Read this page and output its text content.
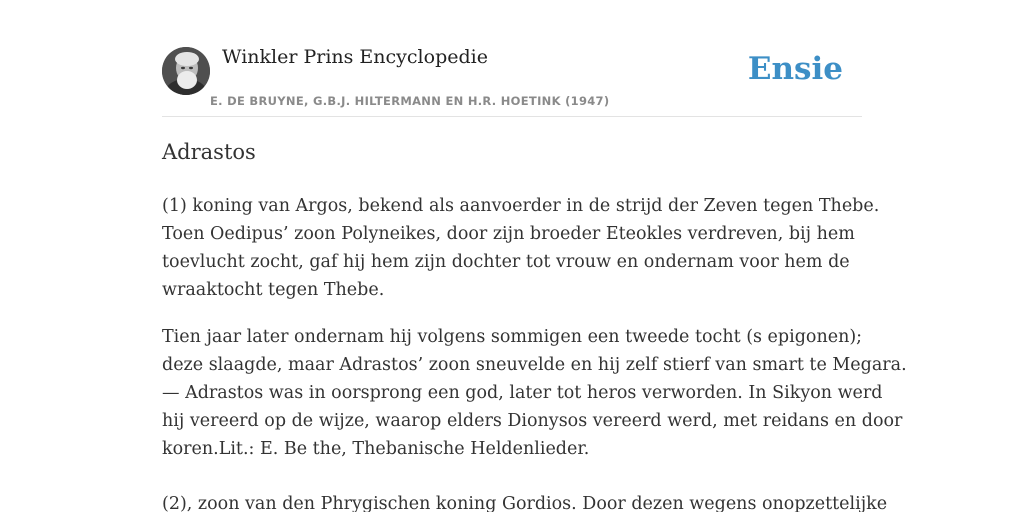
Winkler Prins Encyclopedie
E. DE BRUYNE, G.B.J. HILTERMANN EN H.R. HOETINK (1947)
Ensie
Adrastos

(1) koning van Argos, bekend als aanvoerder in de strijd der Zeven tegen Thebe.
Toen Oedipus’ zoon Polyneikes, door zijn broeder Eteokles verdreven, bij hem
toevlucht zocht, gaf hij hem zijn dochter tot vrouw en ondernam voor hem de
wraaktocht tegen Thebe.

Tien jaar later ondernam hij volgens sommigen een tweede tocht (s epigonen);
deze slaagde, maar Adrastos’ zoon sneuvelde en hij zelf stierf van smart te Megara.
— Adrastos was in oorsprong een god, later tot heros verworden. In Sikyon werd
hij vereerd op de wijze, waarop elders Dionysos vereerd werd, met reidans en door
koren.Lit.: E. Be the, Thebanische Heldenlieder.

(2), zoon van den Phrygischen koning Gordios. Door dezen wegens onopzettelijke
